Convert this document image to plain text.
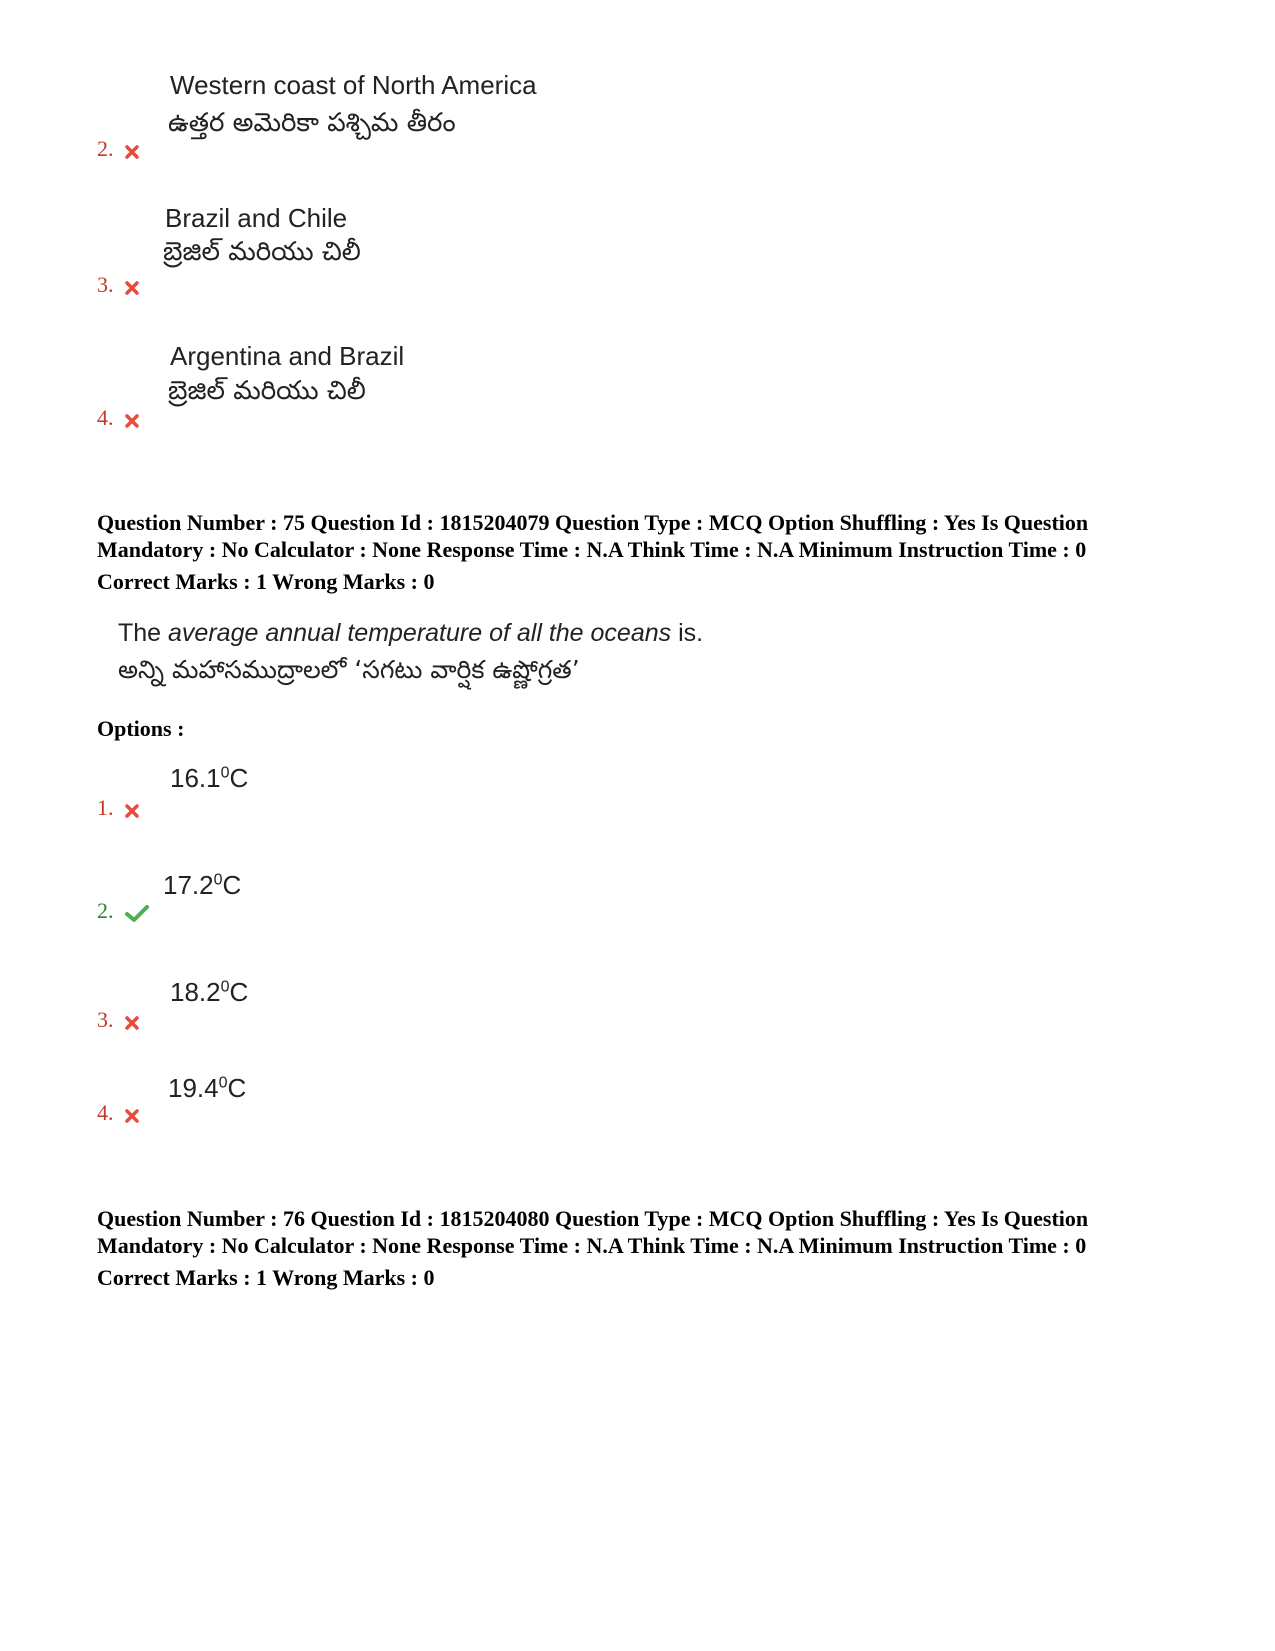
Western coast of North America
ఉత్తర అమెరికా పశ్చిమ తీరం
2.
Brazil and Chile
బ్రెజిల్ మరియు చిలీ
3.
Argentina and Brazil
బ్రెజిల్ మరియు చిలీ
4.
Question Number : 75 Question Id : 1815204079 Question Type : MCQ Option Shuffling : Yes Is Question
Mandatory : No Calculator : None Response Time : N.A Think Time : N.A Minimum Instruction Time : 0
Correct Marks : 1 Wrong Marks : 0
The average annual temperature of all the oceans is.
అన్ని మహాసముద్రాలలో ‘సగటు వార్షిక ఉష్ణోగ్రత’
Options :
16.1$^0$C
1.
17.2$^0$C
2.
18.2$^0$C
3.
19.4$^0$C
4.
Question Number : 76 Question Id : 1815204080 Question Type : MCQ Option Shuffling : Yes Is Question
Mandatory : No Calculator : None Response Time : N.A Think Time : N.A Minimum Instruction Time : 0
Correct Marks : 1 Wrong Marks : 0
